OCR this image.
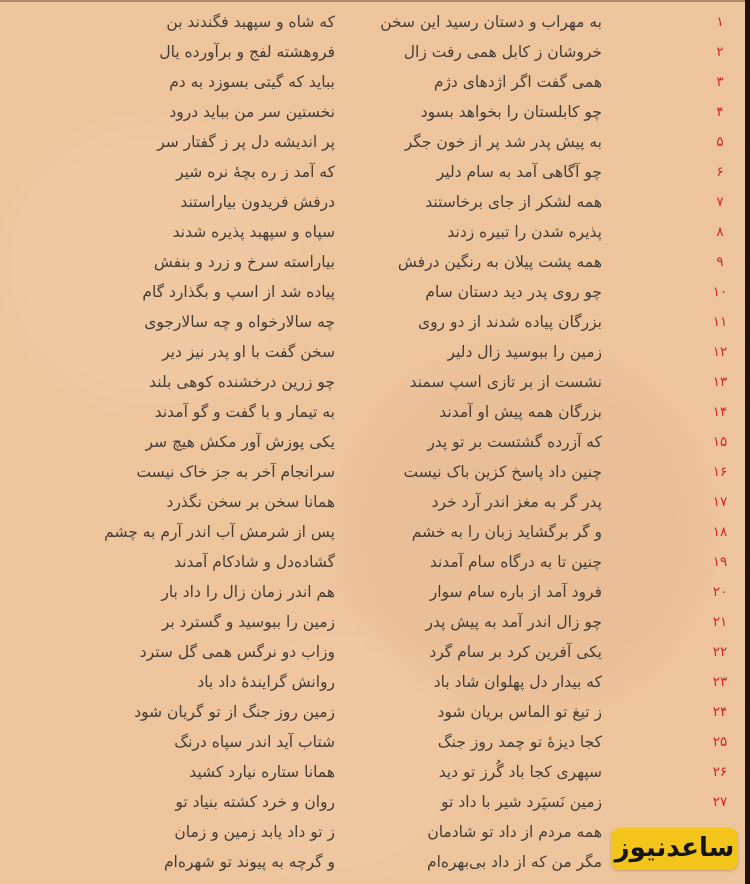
۱
به مهراب و دستان رسید این سخن
که شاه و سپهبد فگندند بن
۲
خروشان ز کابل همی رفت زال
فروهشته لفج و برآورده یال
۳
همی گفت اگر اژدهای دژم
بباید که گیتی بسوزد به دم
۴
چو کابلستان را بخواهد بسود
نخستین سر من بباید درود
۵
به پیش پدر شد پر از خون جگر
پر اندیشه دل پر ز گفتار سر
۶
چو آگاهی آمد به سام دلیر
که آمد ز ره بچهٔ نره شیر
۷
همه لشکر از جای برخاستند
درفش فریدون بیاراستند
۸
پذیره شدن را تبیره زدند
سپاه و سپهبد پذیره شدند
۹
همه پشت پیلان به رنگین درفش
بیاراسته سرخ و زرد و بنفش
۱۰
چو روی پدر دید دستان سام
پیاده شد از اسپ و بگذارد گام
۱۱
بزرگان پیاده شدند از دو روی
چه سالارخواه و چه سالارجوی
۱۲
زمین را ببوسید زال دلیر
سخن گفت با او پدر نیز دیر
۱۳
نشست از بر تازی اسپ سمند
چو زرین درخشنده کوهی بلند
۱۴
بزرگان همه پیش او آمدند
به تیمار و با گفت و گو آمدند
۱۵
که آزرده گشتست بر تو پدر
یکی پوزش آور مکش هیچ سر
۱۶
چنین داد پاسخ کزین باک نیست
سرانجام آخر به جز خاک نیست
۱۷
پدر گر به مغز اندر آرد خرد
همانا سخن بر سخن نگذرد
۱۸
و گر برگشاید زبان را به خشم
پس از شرمش آب اندر آرم به چشم
۱۹
چنین تا به درگاه سام آمدند
گشاده‌دل و شادکام آمدند
۲۰
فرود آمد از باره سام سوار
هم اندر زمان زال را داد بار
۲۱
چو زال اندر آمد به پیش پدر
زمین را ببوسید و گسترد بر
۲۲
یکی آفرین کرد بر سام گرد
وزاب دو نرگس همی گل سترد
۲۳
که بیدار دل پهلوان شاد باد
روانش گرایندهٔ داد باد
۲۴
ز تیغ تو الماس بریان شود
زمین روز جنگ از تو گریان شود
۲۵
کجا دیزهٔ تو چمد روز جنگ
شتاب آید اندر سپاه درنگ
۲۶
سپهری کجا باد گُرز تو دید
همانا ستاره نیارد کشید
۲۷
زمین نَسپَرد شیر با داد تو
روان و خرد کشته بنیاد تو
همه مردم از داد تو شادمان
ز تو داد یابد زمین و زمان
مگر من که از داد بی‌بهره‌ام
و گرچه به پیوند تو شهره‌ام	ساعدنیوز
